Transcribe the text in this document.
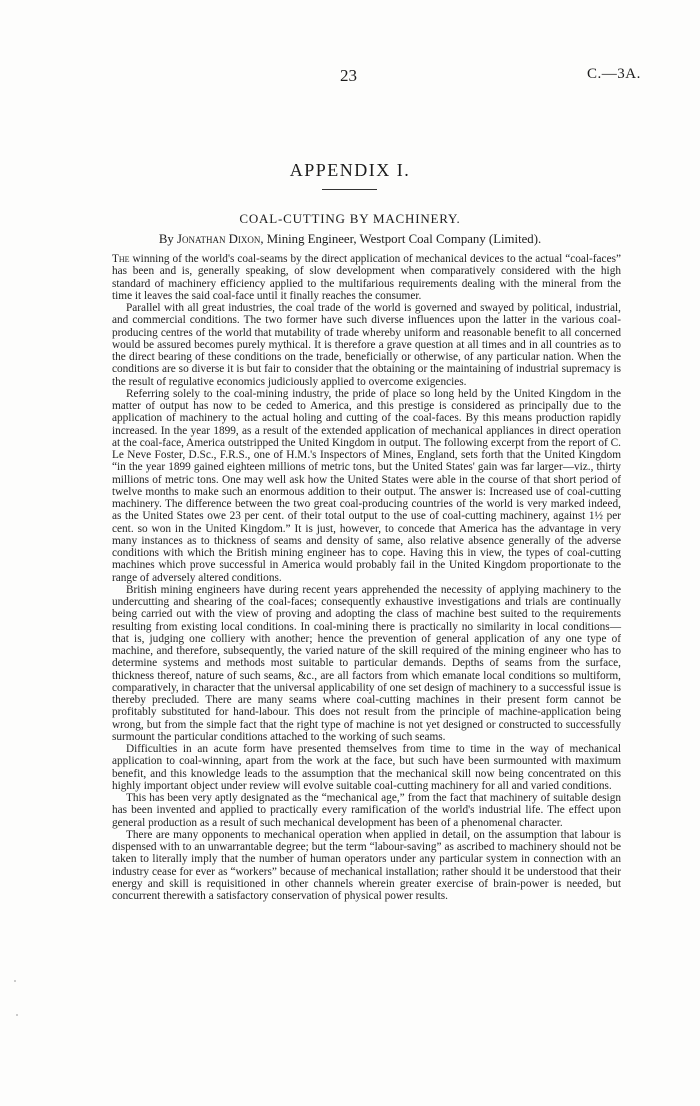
23	C.—3A.
APPENDIX I.
COAL-CUTTING BY MACHINERY.
By Jonathan Dixon, Mining Engineer, Westport Coal Company (Limited).

The winning of the world's coal-seams by the direct application of mechanical devices to the actual “coal-faces” has been and is, generally speaking, of slow development when comparatively considered with the high standard of machinery efficiency applied to the multifarious requirements dealing with the mineral from the time it leaves the said coal-face until it finally reaches the consumer.

Parallel with all great industries, the coal trade of the world is governed and swayed by political, industrial, and commercial conditions. The two former have such diverse influences upon the latter in the various coal-producing centres of the world that mutability of trade whereby uniform and reasonable benefit to all concerned would be assured becomes purely mythical. It is therefore a grave question at all times and in all countries as to the direct bearing of these conditions on the trade, beneficially or otherwise, of any particular nation. When the conditions are so diverse it is but fair to consider that the obtaining or the maintaining of industrial supremacy is the result of regulative economics judiciously applied to overcome exigencies.

Referring solely to the coal-mining industry, the pride of place so long held by the United Kingdom in the matter of output has now to be ceded to America, and this prestige is considered as principally due to the application of machinery to the actual holing and cutting of the coal-faces. By this means production rapidly increased. In the year 1899, as a result of the extended application of mechanical appliances in direct operation at the coal-face, America outstripped the United Kingdom in output. The following excerpt from the report of C. Le Neve Foster, D.Sc., F.R.S., one of H.M.'s Inspectors of Mines, England, sets forth that the United Kingdom “in the year 1899 gained eighteen millions of metric tons, but the United States' gain was far larger—viz., thirty millions of metric tons. One may well ask how the United States were able in the course of that short period of twelve months to make such an enormous addition to their output. The answer is: Increased use of coal-cutting machinery. The difference between the two great coal-producing countries of the world is very marked indeed, as the United States owe 23 per cent. of their total output to the use of coal-cutting machinery, against 1½ per cent. so won in the United Kingdom.” It is just, however, to concede that America has the advantage in very many instances as to thickness of seams and density of same, also relative absence generally of the adverse conditions with which the British mining engineer has to cope. Having this in view, the types of coal-cutting machines which prove successful in America would probably fail in the United Kingdom proportionate to the range of adversely altered conditions.

British mining engineers have during recent years apprehended the necessity of applying machinery to the undercutting and shearing of the coal-faces; consequently exhaustive investigations and trials are continually being carried out with the view of proving and adopting the class of machine best suited to the requirements resulting from existing local conditions. In coal-mining there is practically no similarity in local conditions—that is, judging one colliery with another; hence the prevention of general application of any one type of machine, and therefore, subsequently, the varied nature of the skill required of the mining engineer who has to determine systems and methods most suitable to particular demands. Depths of seams from the surface, thickness thereof, nature of such seams, &c., are all factors from which emanate local conditions so multiform, comparatively, in character that the universal applicability of one set design of machinery to a successful issue is thereby precluded. There are many seams where coal-cutting machines in their present form cannot be profitably substituted for hand-labour. This does not result from the principle of machine-application being wrong, but from the simple fact that the right type of machine is not yet designed or constructed to successfully surmount the particular conditions attached to the working of such seams.

Difficulties in an acute form have presented themselves from time to time in the way of mechanical application to coal-winning, apart from the work at the face, but such have been surmounted with maximum benefit, and this knowledge leads to the assumption that the mechanical skill now being concentrated on this highly important object under review will evolve suitable coal-cutting machinery for all and varied conditions.

This has been very aptly designated as the “mechanical age,” from the fact that machinery of suitable design has been invented and applied to practically every ramification of the world's industrial life. The effect upon general production as a result of such mechanical development has been of a phenomenal character.

There are many opponents to mechanical operation when applied in detail, on the assumption that labour is dispensed with to an unwarrantable degree; but the term “labour-saving” as ascribed to machinery should not be taken to literally imply that the number of human operators under any particular system in connection with an industry cease for ever as “workers” because of mechanical installation; rather should it be understood that their energy and skill is requisitioned in other channels wherein greater exercise of brain-power is needed, but concurrent therewith a satisfactory conservation of physical power results.
